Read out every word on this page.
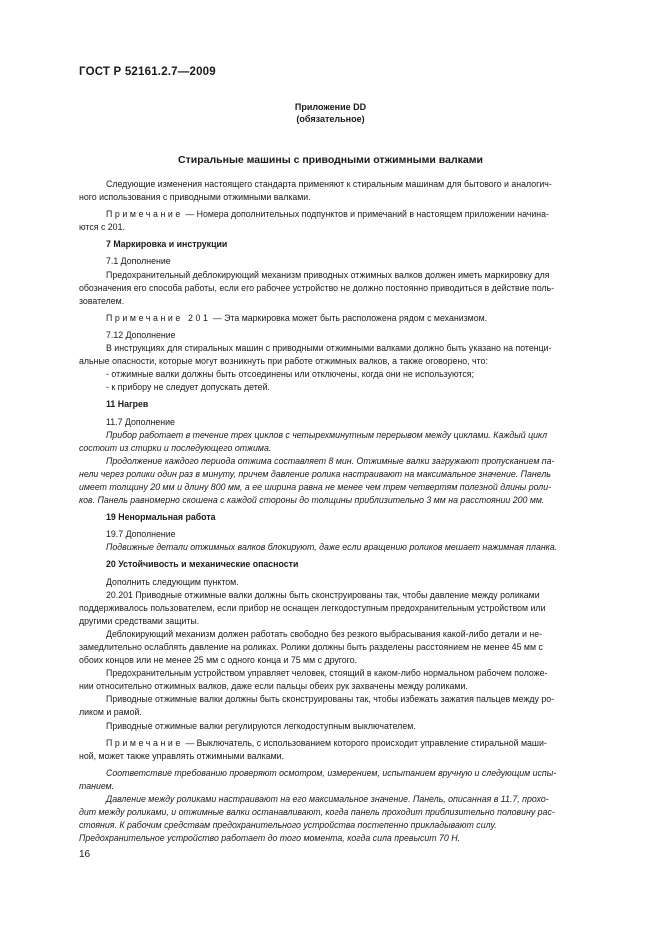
ГОСТ Р 52161.2.7—2009
Приложение DD
(обязательное)
Стиральные машины с приводными отжимными валками

Следующие изменения настоящего стандарта применяют к стиральным машинам для бытового и аналогич-

ного использования с приводными отжимными валками.

Примечание — Номера дополнительных подпунктов и примечаний в настоящем приложении начина-

ются с 201.

7 Маркировка и инструкции

7.1 Дополнение

Предохранительный деблокирующий механизм приводных отжимных валков должен иметь маркировку для

обозначения его способа работы, если его рабочее устройство не должно постоянно приводиться в действие поль-

зователем.

Примечание 201 — Эта маркировка может быть расположена рядом с механизмом.

7.12 Дополнение

В инструкциях для стиральных машин с приводными отжимными валками должно быть указано на потенци-

альные опасности, которые могут возникнуть при работе отжимных валков, а также оговорено, что:

- отжимные валки должны быть отсоединены или отключены, когда они не используются;

- к прибору не следует допускать детей.

11 Нагрев

11.7 Дополнение

Прибор работает в течение трех циклов с четырехминутным перерывом между циклами. Каждый цикл

состоит из стирки и последующего отжима.

Продолжение каждого периода отжима составляет 8 мин. Отжимные валки загружают пропусканием па-

нели через ролики один раз в минуту, причем давление ролика настраивают на максимальное значение. Панель

имеет толщину 20 мм и длину 800 мм, а ее ширина равна не менее чем трем четвертям полезной длины роли-

ков. Панель равномерно скошена с каждой стороны до толщины приблизительно 3 мм на расстоянии 200 мм.

19 Ненормальная работа

19.7 Дополнение

Подвижные детали отжимных валков блокируют, даже если вращению роликов мешает нажимная планка.

20 Устойчивость и механические опасности

Дополнить следующим пунктом.

20.201 Приводные отжимные валки должны быть сконструированы так, чтобы давление между роликами

поддерживалось пользователем, если прибор не оснащен легкодоступным предохранительным устройством или

другими средствами защиты.

Деблокирующий механизм должен работать свободно без резкого выбрасывания какой-либо детали и не-

замедлительно ослаблять давление на роликах. Ролики должны быть разделены расстоянием не менее 45 мм с

обоих концов или не менее 25 мм с одного конца и 75 мм с другого.

Предохранительным устройством управляет человек, стоящий в каком-либо нормальном рабочем положе-

нии относительно отжимных валков, даже если пальцы обеих рук захвачены между роликами.

Приводные отжимные валки должны быть сконструированы так, чтобы избежать зажатия пальцев между ро-

ликом и рамой.

Приводные отжимные валки регулируются легкодоступным выключателем.

Примечание — Выключатель, с использованием которого происходит управление стиральной маши-

ной, может также управлять отжимными валками.

Соответствие требованию проверяют осмотром, измерением, испытанием вручную и следующим испы-

танием.

Давление между роликами настраивают на его максимальное значение. Панель, описанная в 11.7, прохо-

дит между роликами, и отжимные валки останавливают, когда панель проходит приблизительно половину рас-

стояния. К рабочим средствам предохранительного устройства постепенно прикладывают силу.

Предохранительное устройство работает до того момента, когда сила превысит 70 Н.

16
